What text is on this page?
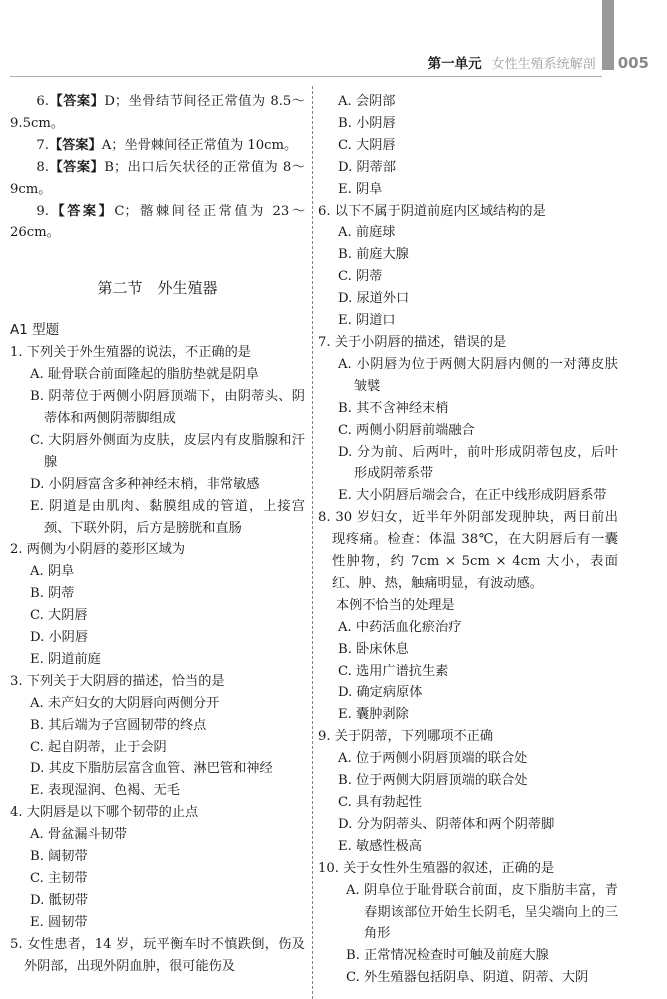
第一单元 女性生殖系统解剖 005

6.【答案】D；坐骨结节间径正常值为 8.5～9.5cm。

7.【答案】A；坐骨棘间径正常值为 10cm。

8.【答案】B；出口后矢状径的正常值为 8～9cm。

9.【答案】C；髂棘间径正常值为 23～26cm。

第二节　外生殖器

A1 型题

1. 下列关于外生殖器的说法，不正确的是

A. 耻骨联合前面隆起的脂肪垫就是阴阜

B. 阴蒂位于两侧小阴唇顶端下，由阴蒂头、阴蒂体和两侧阴蒂脚组成

C. 大阴唇外侧面为皮肤，皮层内有皮脂腺和汗腺

D. 小阴唇富含多种神经末梢，非常敏感

E. 阴道是由肌肉、黏膜组成的管道，上接宫颈、下联外阴，后方是膀胱和直肠

2. 两侧为小阴唇的菱形区域为

A. 阴阜

B. 阴蒂

C. 大阴唇

D. 小阴唇

E. 阴道前庭

3. 下列关于大阴唇的描述，恰当的是

A. 未产妇女的大阴唇向两侧分开

B. 其后端为子宫圆韧带的终点

C. 起自阴蒂，止于会阴

D. 其皮下脂肪层富含血管、淋巴管和神经

E. 表现湿润、色褐、无毛

4. 大阴唇是以下哪个韧带的止点

A. 骨盆漏斗韧带

B. 阔韧带

C. 主韧带

D. 骶韧带

E. 圆韧带

5. 女性患者，14 岁，玩平衡车时不慎跌倒，伤及外阴部，出现外阴血肿，很可能伤及

A. 会阴部

B. 小阴唇

C. 大阴唇

D. 阴蒂部

E. 阴阜

6. 以下不属于阴道前庭内区域结构的是

A. 前庭球

B. 前庭大腺

C. 阴蒂

D. 尿道外口

E. 阴道口

7. 关于小阴唇的描述，错误的是

A. 小阴唇为位于两侧大阴唇内侧的一对薄皮肤皱襞

B. 其不含神经末梢

C. 两侧小阴唇前端融合

D. 分为前、后两叶，前叶形成阴蒂包皮，后叶形成阴蒂系带

E. 大小阴唇后端会合，在正中线形成阴唇系带

8. 30 岁妇女，近半年外阴部发现肿块，两日前出现疼痛。检查：体温 38℃，在大阴唇后有一囊性肿物，约 7cm × 5cm × 4cm 大小，表面红、肿、热，触痛明显，有波动感。

本例不恰当的处理是

A. 中药活血化瘀治疗

B. 卧床休息

C. 选用广谱抗生素

D. 确定病原体

E. 囊肿剥除

9. 关于阴蒂，下列哪项不正确

A. 位于两侧小阴唇顶端的联合处

B. 位于两侧大阴唇顶端的联合处

C. 具有勃起性

D. 分为阴蒂头、阴蒂体和两个阴蒂脚

E. 敏感性极高

10. 关于女性外生殖器的叙述，正确的是

A. 阴阜位于耻骨联合前面，皮下脂肪丰富，青春期该部位开始生长阴毛，呈尖端向上的三角形

B. 正常情况检查时可触及前庭大腺

C. 外生殖器包括阴阜、阴道、阴蒂、大阴
